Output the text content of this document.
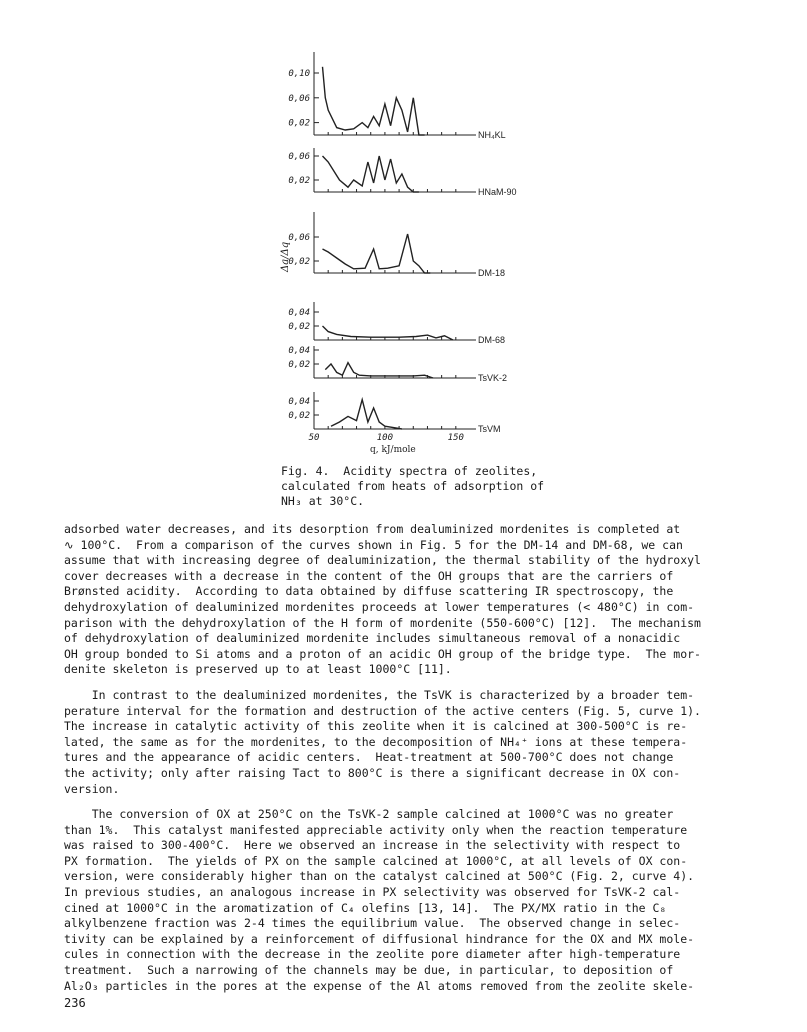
Δa/Δq
q, kJ/mole
0,10
0,06
0,02
NH₄KL
0,06
0,02
HNaM-90
0,06
0,02
DM-18
0,04
0,02
DM-68
0,04
0,02
TsVK-2
0,04
0,02
TsVM
50	100	150
Fig. 4.  Acidity spectra of zeolites,
calculated from heats of adsorption of
NH₃ at 30°C.
adsorbed water decreases, and its desorption from dealuminized mordenites is completed at
∿ 100°C.  From a comparison of the curves shown in Fig. 5 for the DM-14 and DM-68, we can
assume that with increasing degree of dealuminization, the thermal stability of the hydroxyl
cover decreases with a decrease in the content of the OH groups that are the carriers of
Brønsted acidity.  According to data obtained by diffuse scattering IR spectroscopy, the
dehydroxylation of dealuminized mordenites proceeds at lower temperatures (< 480°C) in com-
parison with the dehydroxylation of the H form of mordenite (550-600°C) [12].  The mechanism
of dehydroxylation of dealuminized mordenite includes simultaneous removal of a nonacidic
OH group bonded to Si atoms and a proton of an acidic OH group of the bridge type.  The mor-
denite skeleton is preserved up to at least 1000°C [11].
In contrast to the dealuminized mordenites, the TsVK is characterized by a broader tem-
perature interval for the formation and destruction of the active centers (Fig. 5, curve 1).
The increase in catalytic activity of this zeolite when it is calcined at 300-500°C is re-
lated, the same as for the mordenites, to the decomposition of NH₄⁺ ions at these tempera-
tures and the appearance of acidic centers.  Heat-treatment at 500-700°C does not change
the activity; only after raising Tact to 800°C is there a significant decrease in OX con-
version.
The conversion of OX at 250°C on the TsVK-2 sample calcined at 1000°C was no greater
than 1%.  This catalyst manifested appreciable activity only when the reaction temperature
was raised to 300-400°C.  Here we observed an increase in the selectivity with respect to
PX formation.  The yields of PX on the sample calcined at 1000°C, at all levels of OX con-
version, were considerably higher than on the catalyst calcined at 500°C (Fig. 2, curve 4).
In previous studies, an analogous increase in PX selectivity was observed for TsVK-2 cal-
cined at 1000°C in the aromatization of C₄ olefins [13, 14].  The PX/MX ratio in the C₈
alkylbenzene fraction was 2-4 times the equilibrium value.  The observed change in selec-
tivity can be explained by a reinforcement of diffusional hindrance for the OX and MX mole-
cules in connection with the decrease in the zeolite pore diameter after high-temperature
treatment.  Such a narrowing of the channels may be due, in particular, to deposition of
Al₂O₃ particles in the pores at the expense of the Al atoms removed from the zeolite skele-
236
